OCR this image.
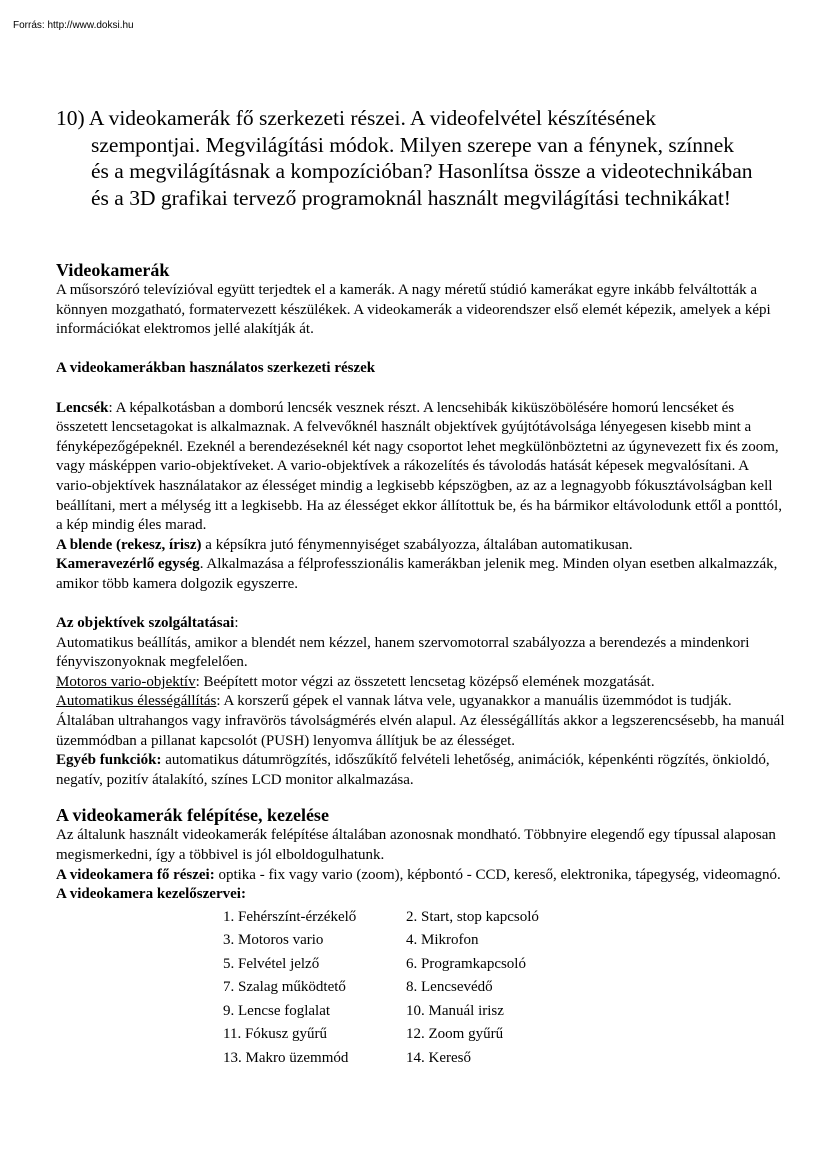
Forrás: http://www.doksi.hu
10) A videokamerák fő szerkezeti részei. A videofelvétel készítésének
szempontjai. Megvilágítási módok. Milyen szerepe van a fénynek, színnek
és a megvilágításnak a kompozícióban? Hasonlítsa össze a videotechnikában
és a 3D grafikai tervező programoknál használt megvilágítási technikákat!

Videokamerák

A műsorszóró televízióval együtt terjedtek el a kamerák. A nagy méretű stúdió kamerákat egyre inkább felváltották a könnyen mozgatható, formatervezett készülékek. A videokamerák a videorendszer első elemét képezik, amelyek a képi információkat elektromos jellé alakítják át.

A videokamerákban használatos szerkezeti részek

Lencsék: A képalkotásban a domború lencsék vesznek részt. A lencsehibák kiküszöbölésére homorú lencséket és összetett lencsetagokat is alkalmaznak. A felvevőknél használt objektívek gyújtótávolsága lényegesen kisebb mint a fényképezőgépeknél. Ezeknél a berendezéseknél két nagy csoportot lehet megkülönböztetni az úgynevezett fix és zoom, vagy másképpen vario-objektíveket. A vario-objektívek a rákozelítés és távolodás hatását képesek megvalósítani. A vario-objektívek használatakor az élességet mindig a legkisebb képszögben, az az a legnagyobb fókusztávolságban kell beállítani, mert a mélység itt a legkisebb. Ha az élességet ekkor állítottuk be, és ha bármikor eltávolodunk ettől a ponttól, a kép mindig éles marad.

A blende (rekesz, írisz) a képsíkra jutó fénymennyiséget szabályozza, általában automatikusan.

Kameravezérlő egység. Alkalmazása a félprofesszionális kamerákban jelenik meg. Minden olyan esetben alkalmazzák, amikor több kamera dolgozik egyszerre.

Az objektívek szolgáltatásai:

Automatikus beállítás, amikor a blendét nem kézzel, hanem szervomotorral szabályozza a berendezés a mindenkori fényviszonyoknak megfelelően.

Motoros vario-objektív: Beépített motor végzi az összetett lencsetag középső elemének mozgatását.

Automatikus élességállítás: A korszerű gépek el vannak látva vele, ugyanakkor a manuális üzemmódot is tudják. Általában ultrahangos vagy infravörös távolságmérés elvén alapul. Az élességállítás akkor a legszerencsésebb, ha manuál üzemmódban a pillanat kapcsolót (PUSH) lenyomva állítjuk be az élességet.

Egyéb funkciók: automatikus dátumrögzítés, időszűkítő felvételi lehetőség, animációk, képenkénti rögzítés, önkioldó, negatív, pozitív átalakító, színes LCD monitor alkalmazása.

A videokamerák felépítése, kezelése

Az általunk használt videokamerák felépítése általában azonosnak mondható. Többnyire elegendő egy típussal alaposan megismerkedni, így a többivel is jól elboldogulhatunk.

A videokamera fő részei: optika - fix vagy vario (zoom), képbontó - CCD, kereső, elektronika, tápegység, videomagnó.

A videokamera kezelőszervei:

1. Fehérszínt-érzékelő	2. Start, stop kapcsoló
3. Motoros vario	4. Mikrofon
5. Felvétel jelző	6. Programkapcsoló
7. Szalag működtető	8. Lencsevédő
9. Lencse foglalat	10. Manuál irisz
11. Fókusz gyűrű	12. Zoom gyűrű
13. Makro üzemmód	14. Kereső
